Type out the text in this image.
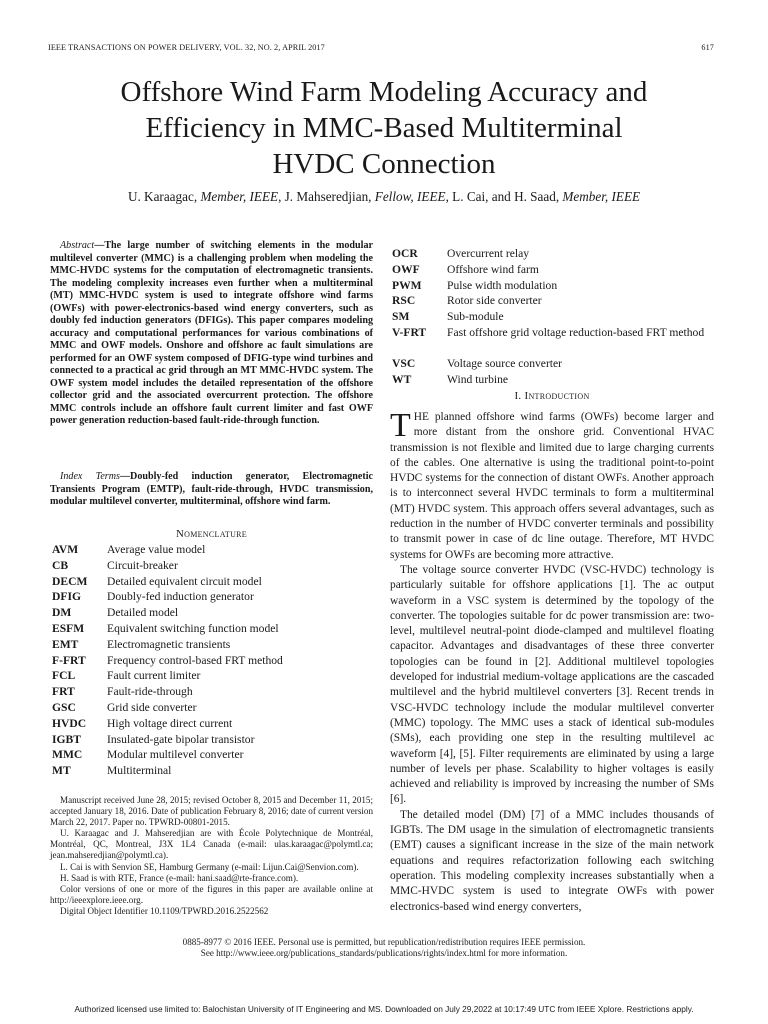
IEEE TRANSACTIONS ON POWER DELIVERY, VOL. 32, NO. 2, APRIL 2017	617
Offshore Wind Farm Modeling Accuracy and
Efficiency in MMC-Based Multiterminal
HVDC Connection
U. Karaagac, Member, IEEE, J. Mahseredjian, Fellow, IEEE, L. Cai, and H. Saad, Member, IEEE
Abstract—The large number of switching elements in the modular multilevel converter (MMC) is a challenging problem when modeling the MMC-HVDC systems for the computation of electromagnetic transients. The modeling complexity increases even further when a multiterminal (MT) MMC-HVDC system is used to integrate offshore wind farms (OWFs) with power-electronics-based wind energy converters, such as doubly fed induction generators (DFIGs). This paper compares modeling accuracy and computational performances for various combinations of MMC and OWF models. Onshore and offshore ac fault simulations are performed for an OWF system composed of DFIG-type wind turbines and connected to a practical ac grid through an MT MMC-HVDC system. The OWF system model includes the detailed representation of the offshore collector grid and the associated overcurrent protection. The offshore MMC controls include an offshore fault current limiter and fast OWF power generation reduction-based fault-ride-through function.
Index Terms—Doubly-fed induction generator, Electromagnetic Transients Program (EMTP), fault-ride-through, HVDC transmission, modular multilevel converter, multiterminal, offshore wind farm.
Nomenclature
AVM	Average value model
CB	Circuit-breaker
DECM	Detailed equivalent circuit model
DFIG	Doubly-fed induction generator
DM	Detailed model
ESFM	Equivalent switching function model
EMT	Electromagnetic transients
F-FRT	Frequency control-based FRT method
FCL	Fault current limiter
FRT	Fault-ride-through
GSC	Grid side converter
HVDC	High voltage direct current
IGBT	Insulated-gate bipolar transistor
MMC	Modular multilevel converter
MT	Multiterminal

Manuscript received June 28, 2015; revised October 8, 2015 and December 11, 2015; accepted January 18, 2016. Date of publication February 8, 2016; date of current version March 22, 2017. Paper no. TPWRD-00801-2015.

U. Karaagac and J. Mahseredjian are with École Polytechnique de Montréal, Montréal, QC, Montreal, J3X 1L4 Canada (e-mail: ulas.karaagac@polymtl.ca; jean.mahseredjian@polymtl.ca).

L. Cai is with Senvion SE, Hamburg Germany (e-mail: Lijun.Cai@Senvion.com).

H. Saad is with RTE, France (e-mail: hani.saad@rte-france.com).

Color versions of one or more of the figures in this paper are available online at http://ieeexplore.ieee.org.

Digital Object Identifier 10.1109/TPWRD.2016.2522562

OCR	Overcurrent relay
OWF	Offshore wind farm
PWM	Pulse width modulation
RSC	Rotor side converter
SM	Sub-module
V-FRT	Fast offshore grid voltage reduction-based FRT method
VSC	Voltage source converter
WT	Wind turbine
I. Introduction

THE planned offshore wind farms (OWFs) become larger and more distant from the onshore grid. Conventional HVAC transmission is not flexible and limited due to large charging currents of the cables. One alternative is using the traditional point-to-point HVDC systems for the connection of distant OWFs. Another approach is to interconnect several HVDC terminals to form a multiterminal (MT) HVDC system. This approach offers several advantages, such as reduction in the number of HVDC converter terminals and possibility to transmit power in case of dc line outage. Therefore, MT HVDC systems for OWFs are becoming more attractive.

The voltage source converter HVDC (VSC-HVDC) technology is particularly suitable for offshore applications [1]. The ac output waveform in a VSC system is determined by the topology of the converter. The topologies suitable for dc power transmission are: two-level, multilevel neutral-point diode-clamped and multilevel floating capacitor. Advantages and disadvantages of these three converter topologies can be found in [2]. Additional multilevel topologies developed for industrial medium-voltage applications are the cascaded multilevel and the hybrid multilevel converters [3]. Recent trends in VSC-HVDC technology include the modular multilevel converter (MMC) topology. The MMC uses a stack of identical sub-modules (SMs), each providing one step in the resulting multilevel ac waveform [4], [5]. Filter requirements are eliminated by using a large number of levels per phase. Scalability to higher voltages is easily achieved and reliability is improved by increasing the number of SMs [6].

The detailed model (DM) [7] of a MMC includes thousands of IGBTs. The DM usage in the simulation of electromagnetic transients (EMT) causes a significant increase in the size of the main network equations and requires refactorization following each switching operation. This modeling complexity increases substantially when a MMC-HVDC system is used to integrate OWFs with power electronics-based wind energy converters,

0885-8977 © 2016 IEEE. Personal use is permitted, but republication/redistribution requires IEEE permission.
See http://www.ieee.org/publications_standards/publications/rights/index.html for more information.
Authorized licensed use limited to: Balochistan University of IT Engineering and MS. Downloaded on July 29,2022 at 10:17:49 UTC from IEEE Xplore. Restrictions apply.
